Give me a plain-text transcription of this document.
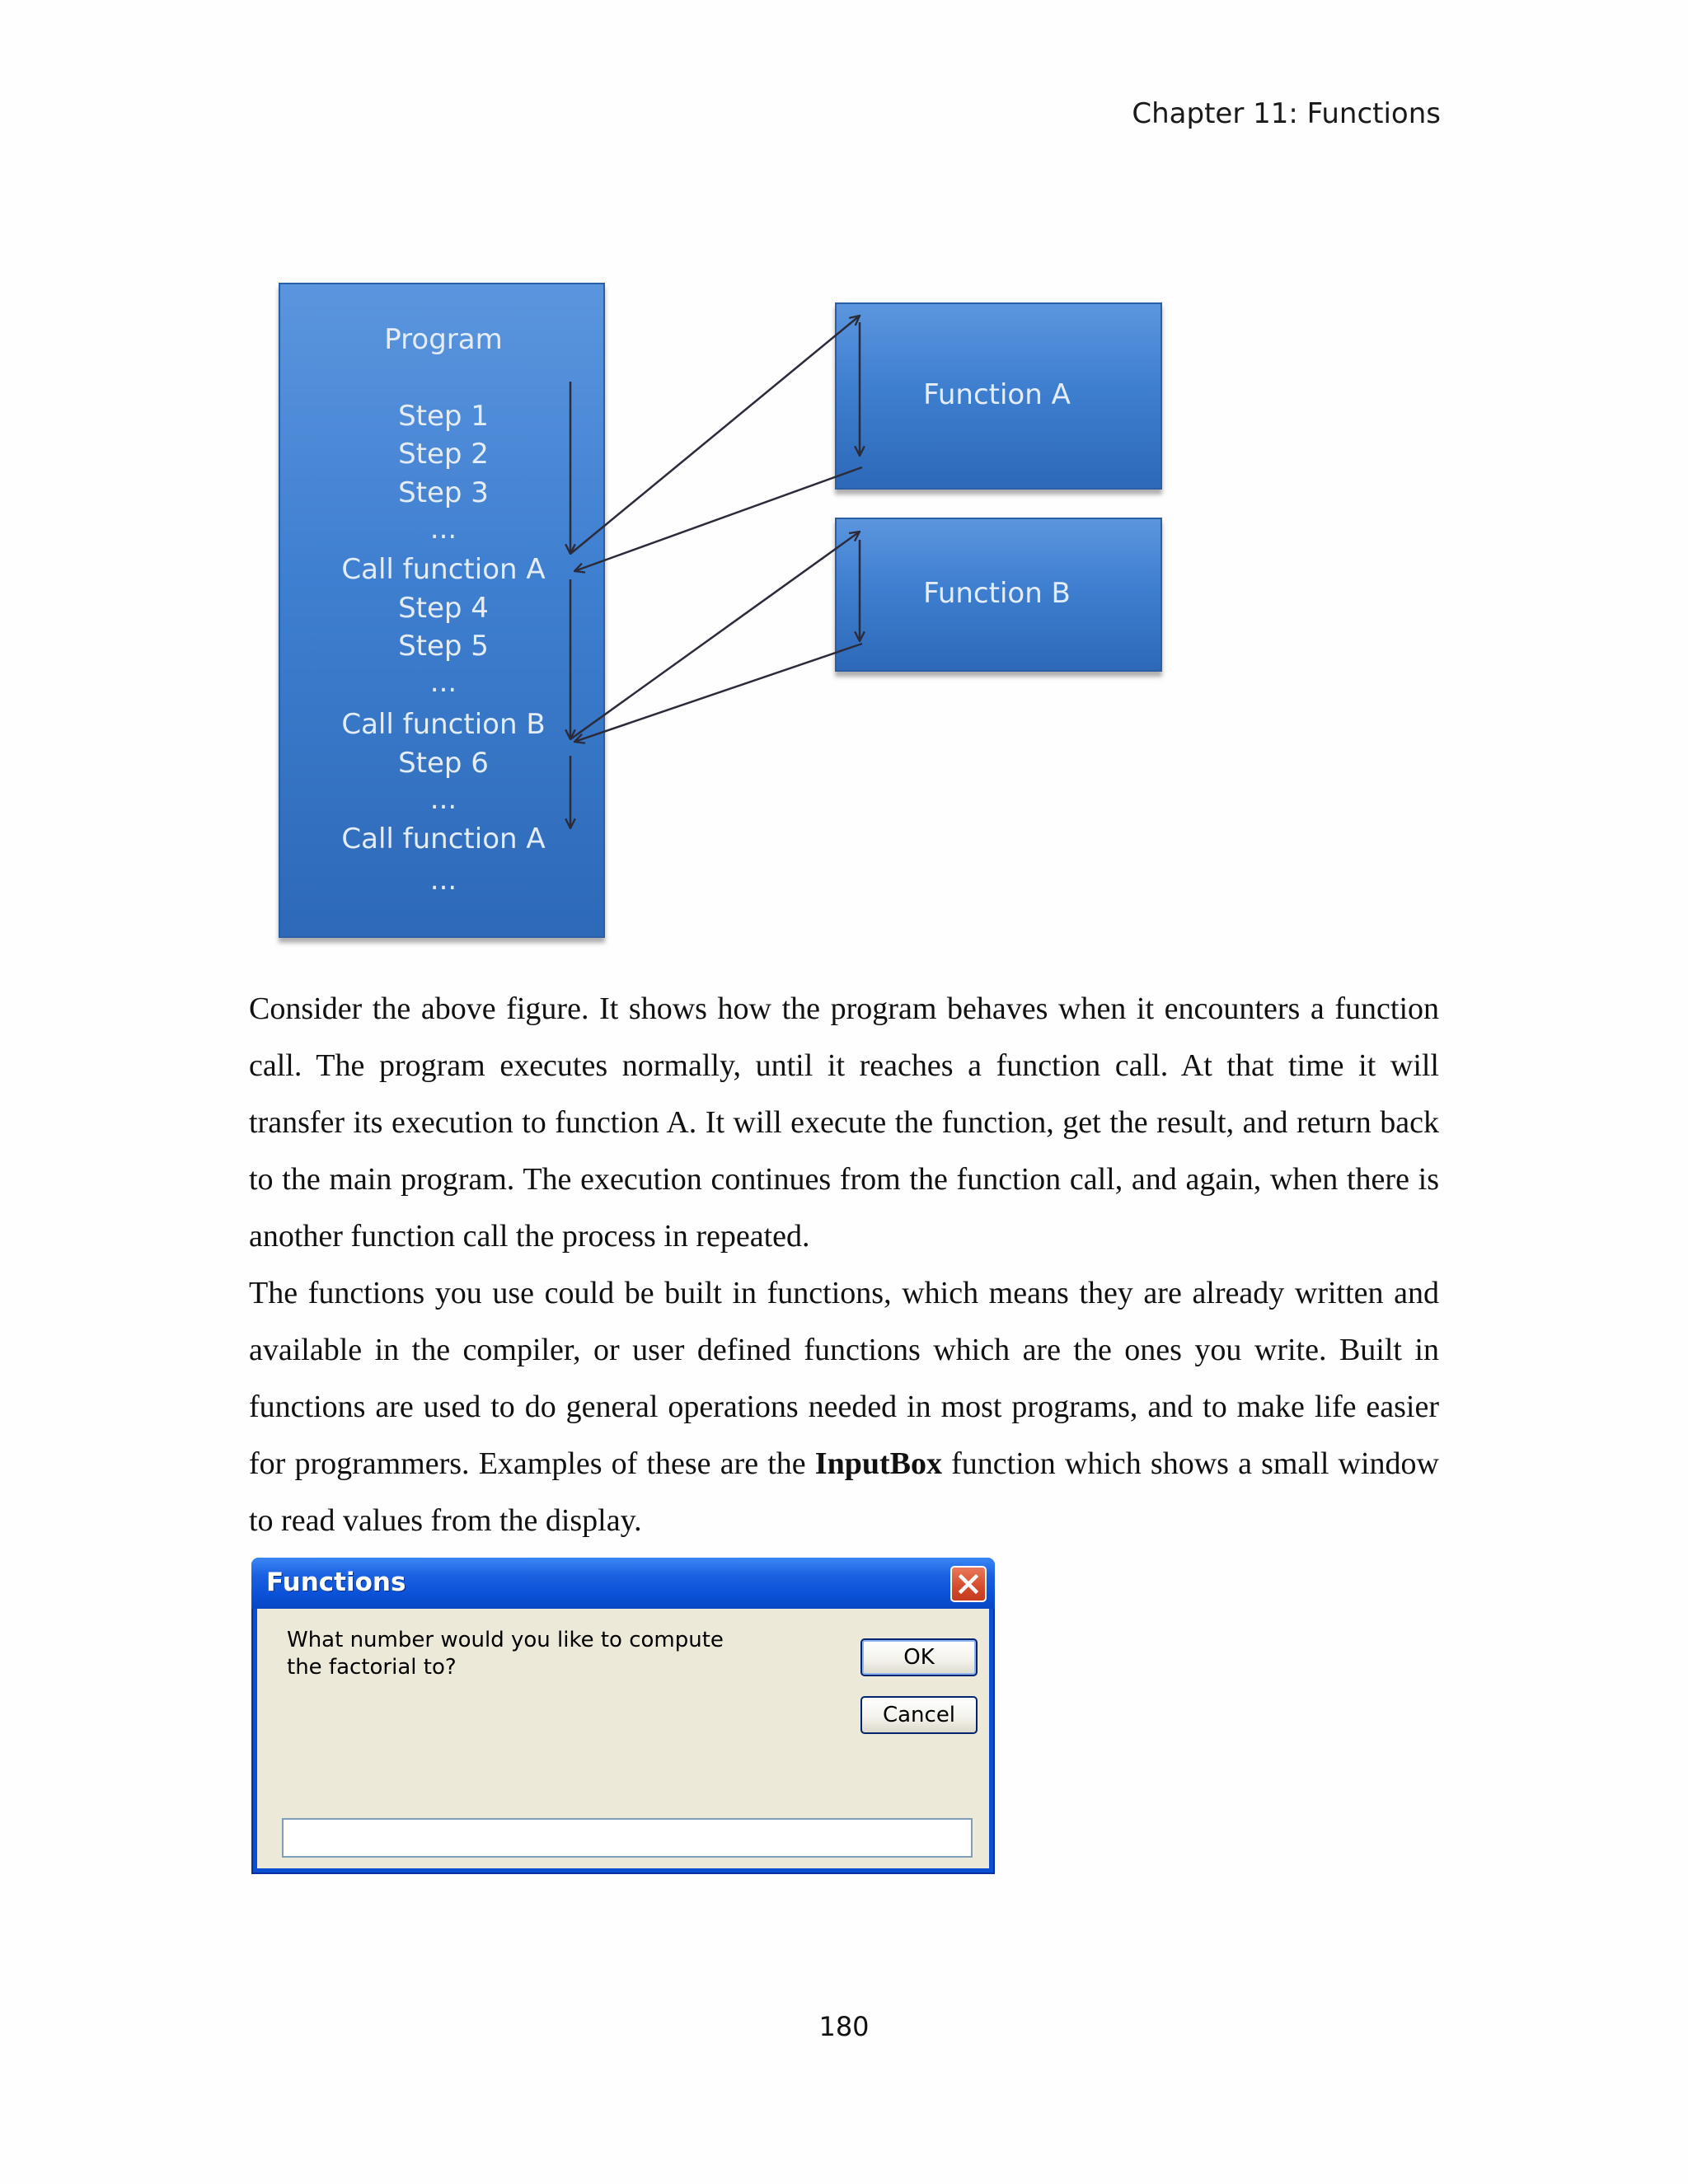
Chapter 11: Functions
Program
Step 1
Step 2
Step 3
...
Call function A
Step 4
Step 5
...
Call function B
Step 6
...
Call function A
...
Function A
Function B
Consider the above figure. It shows how the program behaves when it encounters a function call. The program executes normally, until it reaches a function call. At that time it will transfer its execution to function A. It will execute the function, get the result, and return back to the main program. The execution continues from the function call, and again, when there is another function call the process in repeated.
The functions you use could be built in functions, which means they are already written and available in the compiler, or user defined functions which are the ones you write. Built in functions are used to do general operations needed in most programs, and to make life easier for programmers. Examples of these are the InputBox function which shows a small window to read values from the display.
Functions
What number would you like to compute the factorial to?	OK
Cancel
180
